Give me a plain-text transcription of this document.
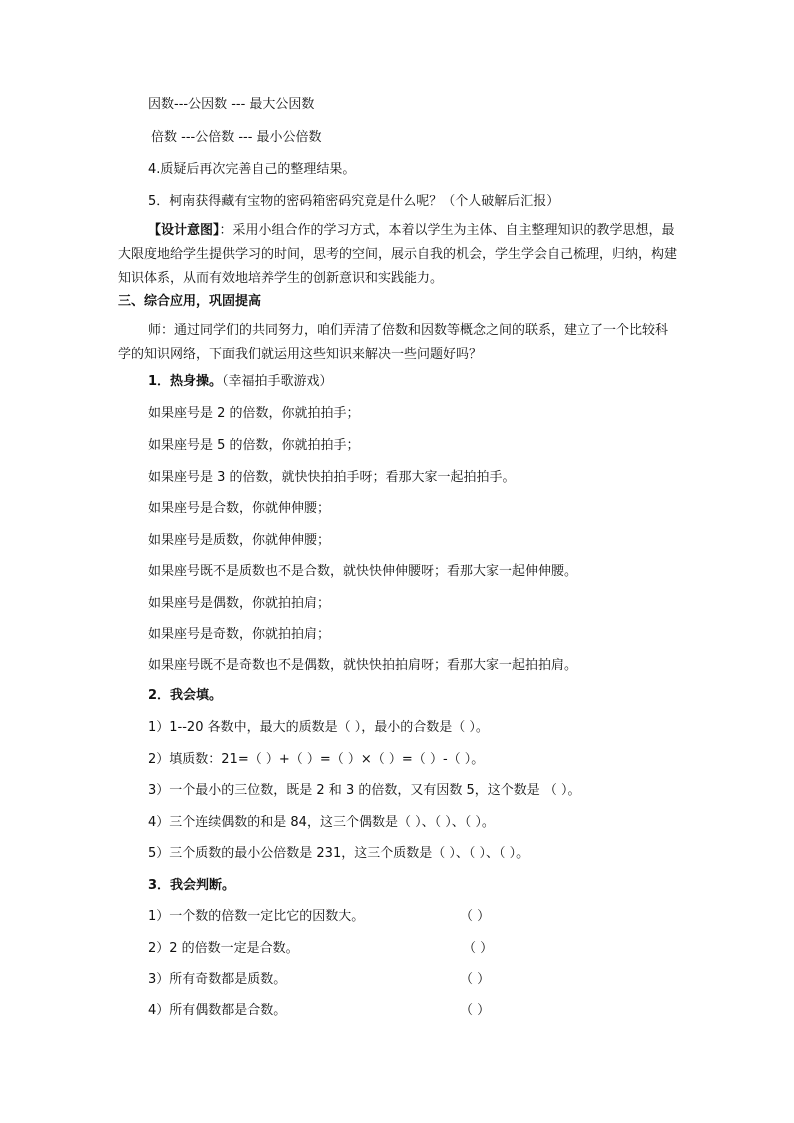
因数---公因数 --- 最大公因数
倍数 ---公倍数 --- 最小公倍数
4.质疑后再次完善自己的整理结果。
5．柯南获得藏有宝物的密码箱密码究竟是什么呢？（个人破解后汇报）
【设计意图】：采用小组合作的学习方式，本着以学生为主体、自主整理知识的教学思想，最大限度地给学生提供学习的时间，思考的空间，展示自我的机会，学生学会自己梳理，归纳，构建知识体系，从而有效地培养学生的创新意识和实践能力。
三、综合应用，巩固提高
师：通过同学们的共同努力，咱们弄清了倍数和因数等概念之间的联系，建立了一个比较科学的知识网络，下面我们就运用这些知识来解决一些问题好吗？
1．热身操。（幸福拍手歌游戏）
如果座号是 2 的倍数，你就拍拍手；
如果座号是 5 的倍数，你就拍拍手；
如果座号是 3 的倍数，就快快拍拍手呀；看那大家一起拍拍手。
如果座号是合数，你就伸伸腰；
如果座号是质数，你就伸伸腰；
如果座号既不是质数也不是合数，就快快伸伸腰呀；看那大家一起伸伸腰。
如果座号是偶数，你就拍拍肩；
如果座号是奇数，你就拍拍肩；
如果座号既不是奇数也不是偶数，就快快拍拍肩呀；看那大家一起拍拍肩。
2．我会填。
1）1--20 各数中，最大的质数是（ ），最小的合数是（ ）。
2）填质数：21=（ ）+（ ）=（ ）×（ ）=（ ）-（ ）。
3）一个最小的三位数，既是 2 和 3 的倍数，又有因数 5，这个数是 （ ）。
4）三个连续偶数的和是 84，这三个偶数是（ ）、（ ）、（ ）。
5）三个质数的最小公倍数是 231，这三个质数是（ ）、（ ）、（ ）。
3．我会判断。
1）一个数的倍数一定比它的因数大。	（ ）
2）2 的倍数一定是合数。	（ ）
3）所有奇数都是质数。	（ ）
4）所有偶数都是合数。	（ ）
